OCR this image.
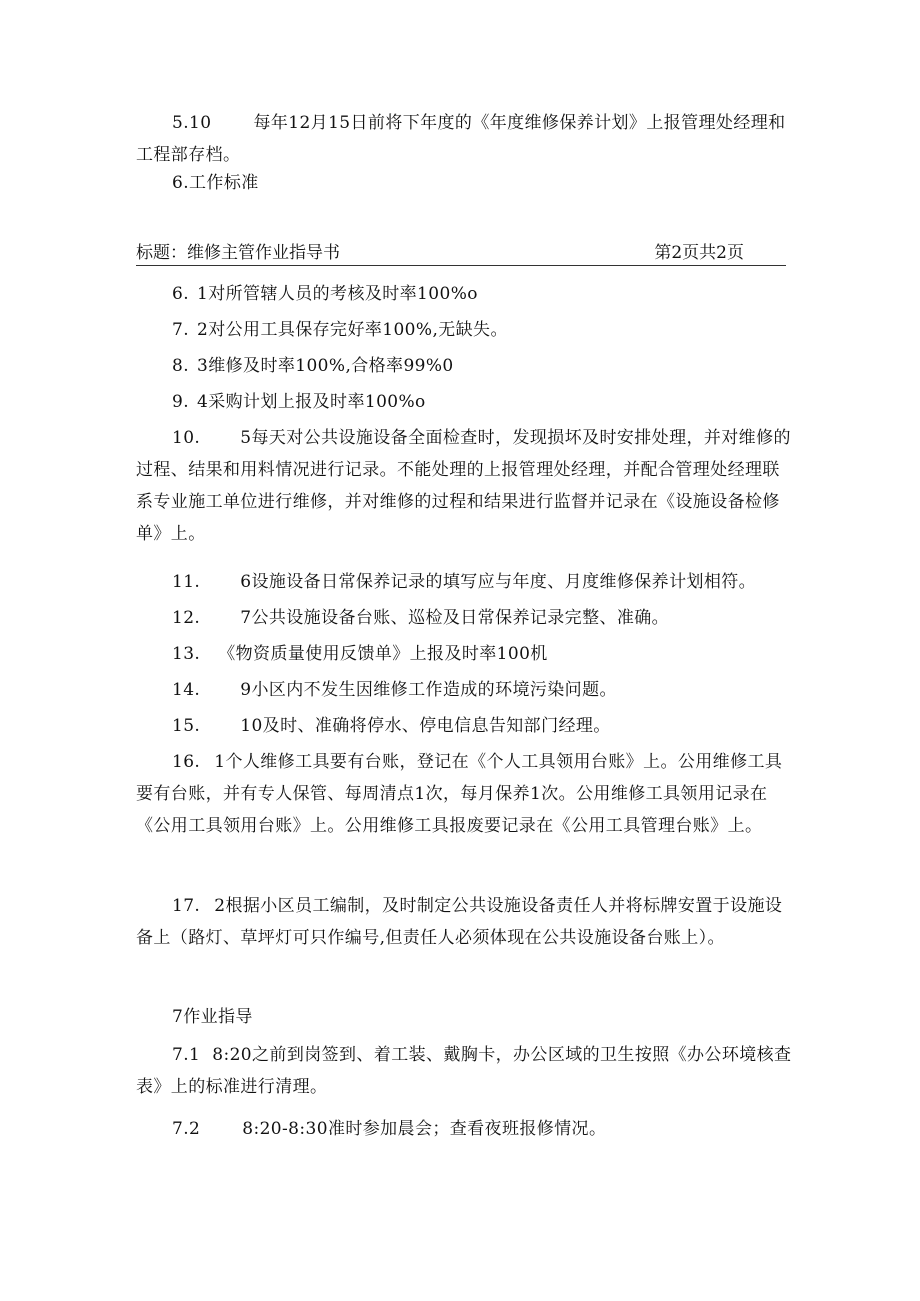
5.10 每年12月15日前将下年度的《年度维修保养计划》上报管理处经理和工程部存档。
6.工作标准
标题：维修主管作业指导书	第2页共2页
6. 1对所管辖人员的考核及时率100%o
7. 2对公用工具保存完好率100%,无缺失。
8. 3维修及时率100%,合格率99%0
9. 4采购计划上报及时率100%o
10. 5每天对公共设施设备全面检查时，发现损坏及时安排处理，并对维修的过程、结果和用料情况进行记录。不能处理的上报管理处经理，并配合管理处经理联系专业施工单位进行维修，并对维修的过程和结果进行监督并记录在《设施设备检修单》上。
11. 6设施设备日常保养记录的填写应与年度、月度维修保养计划相符。
12. 7公共设施设备台账、巡检及日常保养记录完整、准确。
13. 《物资质量使用反馈单》上报及时率100机
14. 9小区内不发生因维修工作造成的环境污染问题。
15. 10及时、准确将停水、停电信息告知部门经理。
16. 1个人维修工具要有台账，登记在《个人工具领用台账》上。公用维修工具要有台账，并有专人保管、每周清点1次，每月保养1次。公用维修工具领用记录在《公用工具领用台账》上。公用维修工具报废要记录在《公用工具管理台账》上。
17. 2根据小区员工编制，及时制定公共设施设备责任人并将标牌安置于设施设备上（路灯、草坪灯可只作编号,但责任人必须体现在公共设施设备台账上）。
7作业指导
7.1 8:20之前到岗签到、着工装、戴胸卡，办公区域的卫生按照《办公环境核查表》上的标准进行清理。
7.2 8:20-8:30准时参加晨会；查看夜班报修情况。
